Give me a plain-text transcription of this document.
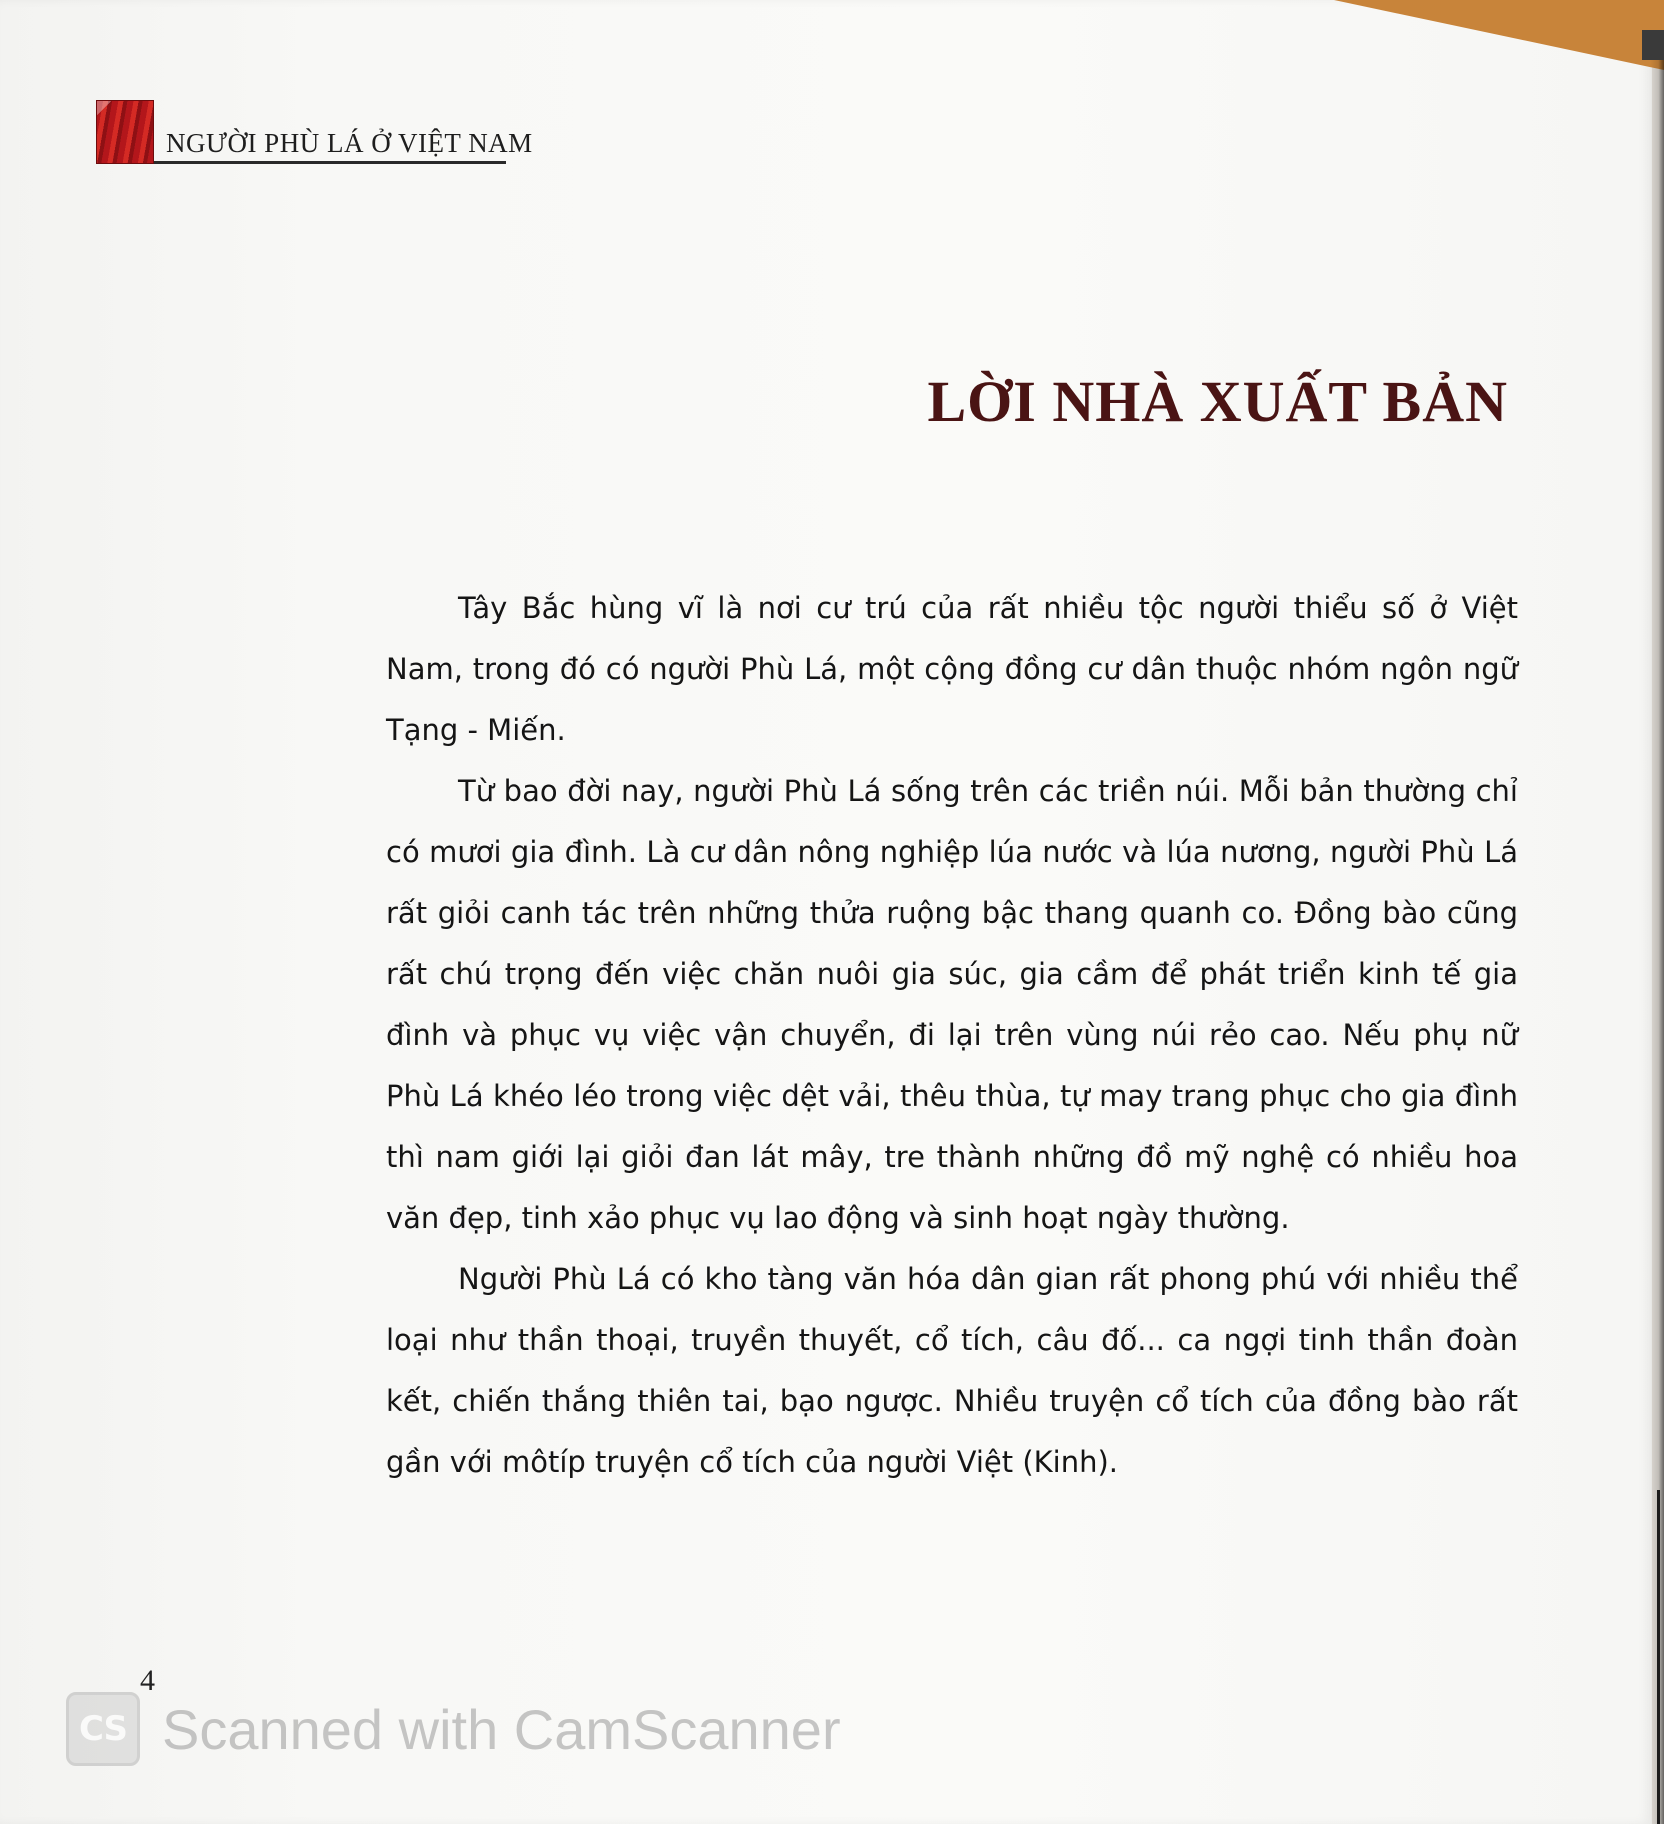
NGƯỜI PHÙ LÁ Ở VIỆT NAM
LỜI NHÀ XUẤT BẢN

Tây Bắc hùng vĩ là nơi cư trú của rất nhiều tộc người thiểu số ở Việt Nam, trong đó có người Phù Lá, một cộng đồng cư dân thuộc nhóm ngôn ngữ Tạng - Miến.

Từ bao đời nay, người Phù Lá sống trên các triền núi. Mỗi bản thường chỉ có mươi gia đình. Là cư dân nông nghiệp lúa nước và lúa nương, người Phù Lá rất giỏi canh tác trên những thửa ruộng bậc thang quanh co. Đồng bào cũng rất chú trọng đến việc chăn nuôi gia súc, gia cầm để phát triển kinh tế gia đình và phục vụ việc vận chuyển, đi lại trên vùng núi rẻo cao. Nếu phụ nữ Phù Lá khéo léo trong việc dệt vải, thêu thùa, tự may trang phục cho gia đình thì nam giới lại giỏi đan lát mây, tre thành những đồ mỹ nghệ có nhiều hoa văn đẹp, tinh xảo phục vụ lao động và sinh hoạt ngày thường.

Người Phù Lá có kho tàng văn hóa dân gian rất phong phú với nhiều thể loại như thần thoại, truyền thuyết, cổ tích, câu đố... ca ngợi tinh thần đoàn kết, chiến thắng thiên tai, bạo ngược. Nhiều truyện cổ tích của đồng bào rất gần với môtíp truyện cổ tích của người Việt (Kinh).

4
CS Scanned with CamScanner
